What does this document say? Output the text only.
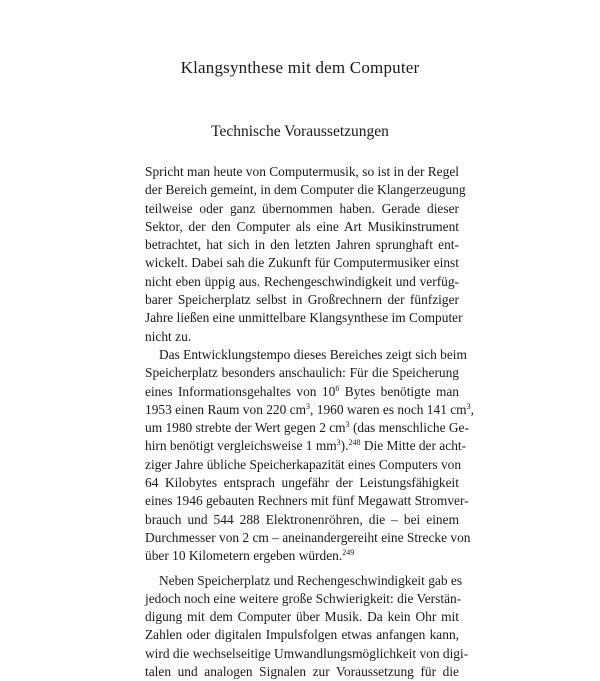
Klangsynthese mit dem Computer
Technische Voraussetzungen
Spricht man heute von Computermusik, so ist in der Regel
der Bereich gemeint, in dem Computer die Klangerzeugung
teilweise oder ganz übernommen haben. Gerade dieser
Sektor, der den Computer als eine Art Musikinstrument
betrachtet, hat sich in den letzten Jahren sprunghaft ent-
wickelt. Dabei sah die Zukunft für Computermusiker einst
nicht eben üppig aus. Rechengeschwindigkeit und verfüg-
barer Speicherplatz selbst in Großrechnern der fünfziger
Jahre ließen eine unmittelbare Klangsynthese im Computer
nicht zu.
Das Entwicklungstempo dieses Bereiches zeigt sich beim
Speicherplatz besonders anschaulich: Für die Speicherung
eines Informationsgehaltes von $10^6$ Bytes benötigte man
1953 einen Raum von 220 $cm^3$, 1960 waren es noch 141 $cm^3$,
um 1980 strebte der Wert gegen 2 $cm^3$ (das menschliche Ge-
hirn benötigt vergleichsweise 1 $mm^3).^{248}$ Die Mitte der acht-
ziger Jahre übliche Speicherkapazität eines Computers von
64 Kilobytes entsprach ungefähr der Leistungsfähigkeit
eines 1946 gebauten Rechners mit fünf Megawatt Stromver-
brauch und 544 288 Elektronenröhren, die – bei einem
Durchmesser von 2 cm – aneinandergereiht eine Strecke von
über 10 Kilometern ergeben würden.$^{249}$
Neben Speicherplatz und Rechengeschwindigkeit gab es
jedoch noch eine weitere große Schwierigkeit: die Verstän-
digung mit dem Computer über Musik. Da kein Ohr mit
Zahlen oder digitalen Impulsfolgen etwas anfangen kann,
wird die wechselseitige Umwandlungsmöglichkeit von digi-
talen und analogen Signalen zur Voraussetzung für die
